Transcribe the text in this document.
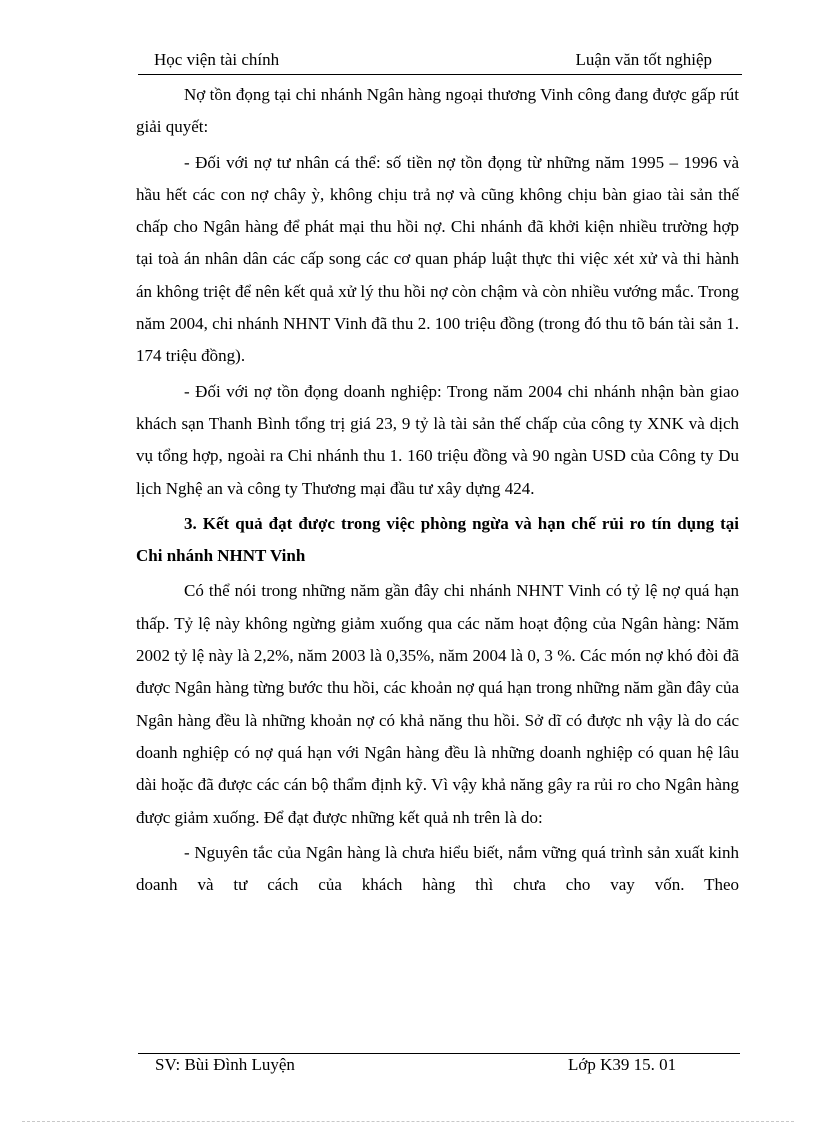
Học viện tài chính	Luận văn tốt nghiệp

Nợ tồn đọng tại chi nhánh Ngân hàng ngoại thương Vinh công đang được gấp rút giải quyết:

- Đối với nợ tư nhân cá thể: số tiền nợ tồn đọng từ những năm 1995 – 1996 và hầu hết các con nợ chây ỳ, không chịu trả nợ và cũng không chịu bàn giao tài sản thế chấp cho Ngân hàng để phát mại thu hồi nợ. Chi nhánh đã khởi kiện nhiều trường hợp tại toà án nhân dân các cấp song các cơ quan pháp luật thực thi việc xét xử và thi hành án không triệt để nên kết quả xử lý thu hồi nợ còn chậm và còn nhiều vướng mắc. Trong năm 2004, chi nhánh NHNT Vinh đã thu 2. 100 triệu đồng (trong đó thu tõ bán tài sản 1. 174 triệu đồng).

- Đối với nợ tồn đọng doanh nghiệp: Trong năm 2004 chi nhánh nhận bàn giao khách sạn Thanh Bình tổng trị giá 23, 9 tỷ là tài sản thế chấp của công ty XNK và dịch vụ tổng hợp, ngoài ra Chi nhánh thu 1. 160 triệu đồng và 90 ngàn USD của Công ty Du lịch Nghệ an và công ty Thương mại đầu tư xây dựng 424.

3. Kết quả đạt được trong việc phòng ngừa và hạn chế rủi ro tín dụng tại Chi nhánh NHNT Vinh

Có thể nói trong những năm gần đây chi nhánh NHNT Vinh có tỷ lệ nợ quá hạn thấp. Tỷ lệ này không ngừng giảm xuống qua các năm hoạt động của Ngân hàng: Năm 2002 tỷ lệ này là 2,2%, năm 2003 là 0,35%, năm 2004 là 0, 3 %. Các món nợ khó đòi đã được Ngân hàng từng bước thu hồi, các khoản nợ quá hạn trong những năm gần đây của Ngân hàng đều là những khoản nợ có khả năng thu hồi. Sở dĩ có được nh vậy là do các doanh nghiệp có nợ quá hạn với Ngân hàng đều là những doanh nghiệp có quan hệ lâu dài hoặc đã được các cán bộ thẩm định kỹ. Vì vậy khả năng gây ra rủi ro cho Ngân hàng được giảm xuống. Để đạt được những kết quả nh trên là do:

- Nguyên tắc của Ngân hàng là chưa hiểu biết, nắm vững quá trình sản xuất kinh doanh và tư cách của khách hàng thì chưa cho vay vốn. Theo

SV: Bùi Đình Luyện	Lớp K39 15. 01
